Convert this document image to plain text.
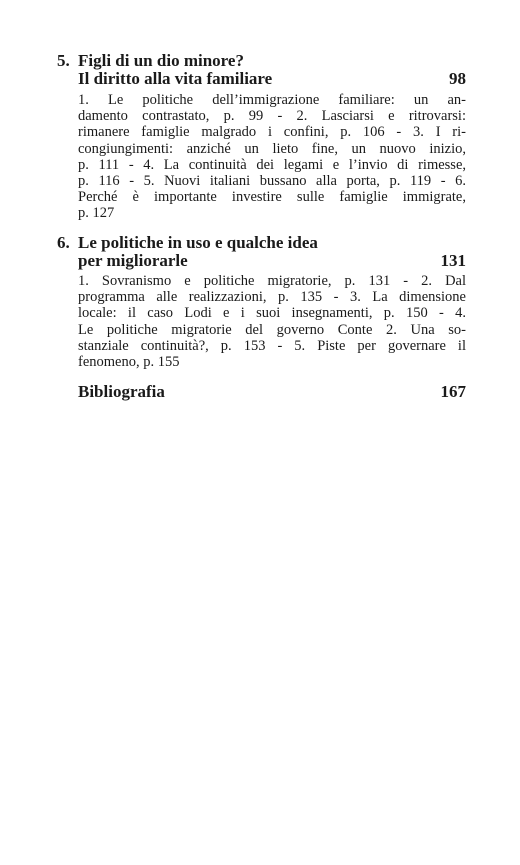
5. Figli di un dio minore?
Il diritto alla vita familiare	98
1. Le politiche dell’immigrazione familiare: un an-
damento contrastato, p. 99 - 2. Lasciarsi e ritrovarsi:
rimanere famiglie malgrado i confini, p. 106 - 3. I ri-
congiungimenti: anziché un lieto fine, un nuovo inizio,
p. 111 - 4. La continuità dei legami e l’invio di rimesse,
p. 116 - 5. Nuovi italiani bussano alla porta, p. 119 - 6.
Perché è importante investire sulle famiglie immigrate,
p. 127
6. Le politiche in uso e qualche idea
per migliorarle	131
1. Sovranismo e politiche migratorie, p. 131 - 2. Dal
programma alle realizzazioni, p. 135 - 3. La dimensione
locale: il caso Lodi e i suoi insegnamenti, p. 150 - 4.
Le politiche migratorie del governo Conte 2. Una so-
stanziale continuità?, p. 153 - 5. Piste per governare il
fenomeno, p. 155
Bibliografia	167
